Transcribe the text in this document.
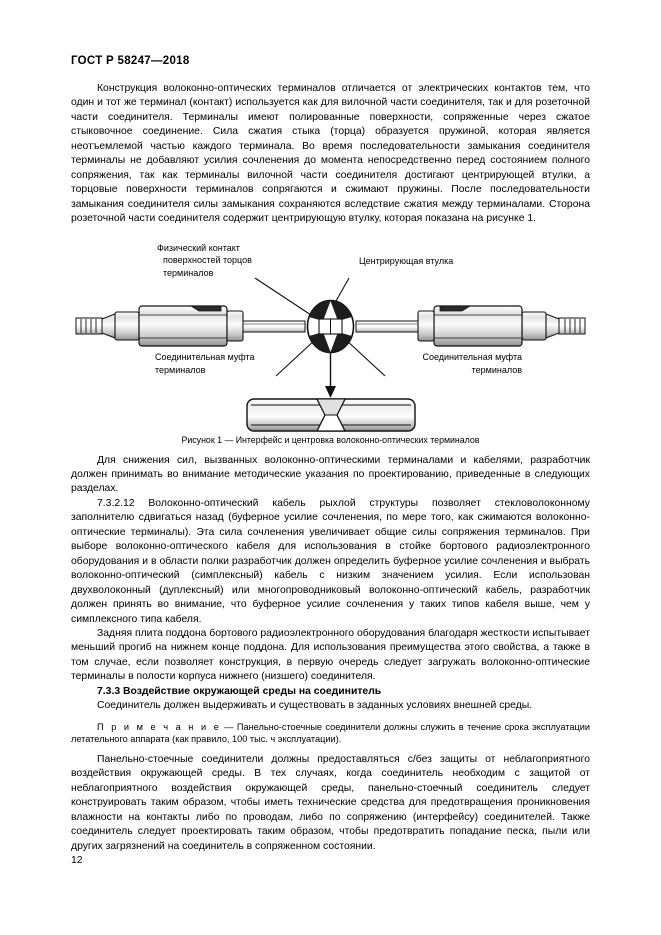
ГОСТ Р 58247—2018

Конструкция волоконно-оптических терминалов отличается от электрических контактов тем, что один и тот же терминал (контакт) используется как для вилочной части соединителя, так и для розеточной части соединителя. Терминалы имеют полированные поверхности, сопряженные через сжатое стыковочное соединение. Сила сжатия стыка (торца) образуется пружиной, которая является неотъемлемой частью каждого терминала. Во время последовательности замыкания соединителя терминалы не добавляют усилия сочленения до момента непосредственно перед состоянием полного сопряжения, так как терминалы вилочной части соединителя достигают центрирующей втулки, а торцовые поверхности терминалов сопрягаются и сжимают пружины. После последовательности замыкания соединителя силы замыкания сохраняются вследствие сжатия между терминалами. Сторона розеточной части соединителя содержит центрирующую втулку, которая показана на рисунке 1.

Физический контакт
поверхностей торцов
терминалов
Центрирующая втулка
Соединительная муфта
терминалов
Соединительная муфта
терминалов
Рисунок 1 — Интерфейс и центровка волоконно-оптических терминалов

Для снижения сил, вызванных волоконно-оптическими терминалами и кабелями, разработчик должен принимать во внимание методические указания по проектированию, приведенные в следующих разделах.

7.3.2.12 Волоконно-оптический кабель рыхлой структуры позволяет стекловолоконному заполнителю сдвигаться назад (буферное усилие сочленения, по мере того, как сжимаются волоконно-оптические терминалы). Эта сила сочленения увеличивает общие силы сопряжения терминалов. При выборе волоконно-оптического кабеля для использования в стойке бортового радиоэлектронного оборудования и в области полки разработчик должен определить буферное усилие сочленения и выбрать волоконно-оптический (симплексный) кабель с низким значением усилия. Если использован двухволоконный (дуплексный) или многопроводниковый волоконно-оптический кабель, разработчик должен принять во внимание, что буферное усилие сочленения у таких типов кабеля выше, чем у симплексного типа кабеля.

Задняя плита поддона бортового радиоэлектронного оборудования благодаря жесткости испытывает меньший прогиб на нижнем конце поддона. Для использования преимущества этого свойства, а также в том случае, если позволяет конструкция, в первую очередь следует загружать волоконно-оптические терминалы в полости корпуса нижнего (низшего) соединителя.

7.3.3 Воздействие окружающей среды на соединитель

Соединитель должен выдерживать и существовать в заданных условиях внешней среды.

П р и м е ч а н и е — Панельно-стоечные соединители должны служить в течение срока эксплуатации летательного аппарата (как правило, 100 тыс. ч эксплуатации).

Панельно-стоечные соединители должны предоставляться с/без защиты от неблагоприятного воздействия окружающей среды. В тех случаях, когда соединитель необходим с защитой от неблагоприятного воздействия окружающей среды, панельно-стоечный соединитель следует конструировать таким образом, чтобы иметь технические средства для предотвращения проникновения влажности на контакты либо по проводам, либо по сопряжению (интерфейсу) соединителей. Также соединитель следует проектировать таким образом, чтобы предотвратить попадание песка, пыли или других загрязнений на соединитель в сопряженном состоянии.

12
